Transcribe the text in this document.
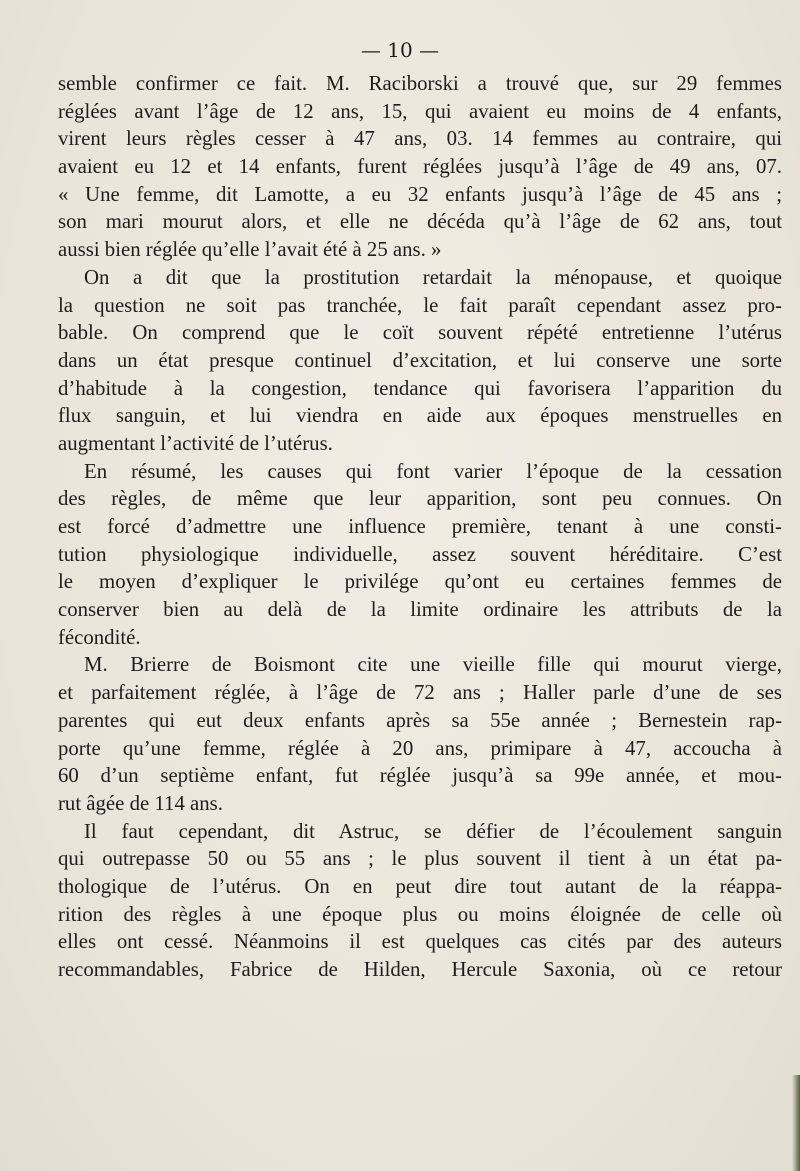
— 10 —
semble confirmer ce fait. M. Raciborski a trouvé que, sur 29 femmes
réglées avant l’âge de 12 ans, 15, qui avaient eu moins de 4 enfants,
virent leurs règles cesser à 47 ans, 03. 14 femmes au contraire, qui
avaient eu 12 et 14 enfants, furent réglées jusqu’à l’âge de 49 ans, 07.
« Une femme, dit Lamotte, a eu 32 enfants jusqu’à l’âge de 45 ans ;
son mari mourut alors, et elle ne décéda qu’à l’âge de 62 ans, tout
aussi bien réglée qu’elle l’avait été à 25 ans. »
On a dit que la prostitution retardait la ménopause, et quoique
la question ne soit pas tranchée, le fait paraît cependant assez pro-
bable. On comprend que le coït souvent répété entretienne l’utérus
dans un état presque continuel d’excitation, et lui conserve une sorte
d’habitude à la congestion, tendance qui favorisera l’apparition du
flux sanguin, et lui viendra en aide aux époques menstruelles en
augmentant l’activité de l’utérus.
En résumé, les causes qui font varier l’époque de la cessation
des règles, de même que leur apparition, sont peu connues. On
est forcé d’admettre une influence première, tenant à une consti-
tution physiologique individuelle, assez souvent héréditaire. C’est
le moyen d’expliquer le privilége qu’ont eu certaines femmes de
conserver bien au delà de la limite ordinaire les attributs de la
fécondité.
M. Brierre de Boismont cite une vieille fille qui mourut vierge,
et parfaitement réglée, à l’âge de 72 ans ; Haller parle d’une de ses
parentes qui eut deux enfants après sa 55e année ; Bernestein rap-
porte qu’une femme, réglée à 20 ans, primipare à 47, accoucha à
60 d’un septième enfant, fut réglée jusqu’à sa 99e année, et mou-
rut âgée de 114 ans.
Il faut cependant, dit Astruc, se défier de l’écoulement sanguin
qui outrepasse 50 ou 55 ans ; le plus souvent il tient à un état pa-
thologique de l’utérus. On en peut dire tout autant de la réappa-
rition des règles à une époque plus ou moins éloignée de celle où
elles ont cessé. Néanmoins il est quelques cas cités par des auteurs
recommandables, Fabrice de Hilden, Hercule Saxonia, où ce retour
